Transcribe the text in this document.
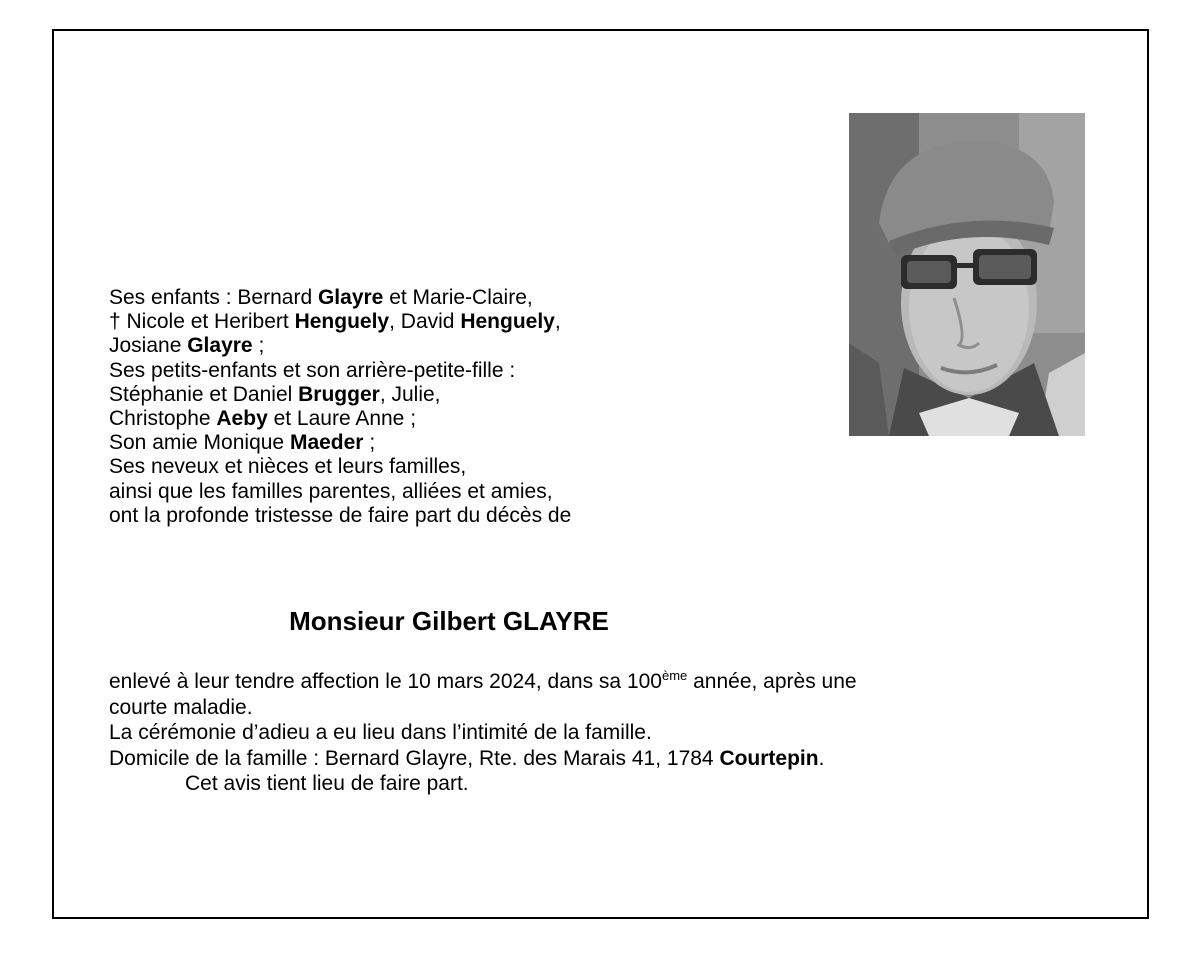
Ses enfants : Bernard Glayre et Marie-Claire,
† Nicole et Heribert Henguely, David Henguely,
Josiane Glayre ;
Ses petits-enfants et son arrière-petite-fille :
Stéphanie et Daniel Brugger, Julie,
Christophe Aeby et Laure Anne ;
Son amie Monique Maeder ;
Ses neveux et nièces et leurs familles,
ainsi que les familles parentes, alliées et amies,
ont la profonde tristesse de faire part du décès de
Monsieur Gilbert GLAYRE
enlevé à leur tendre affection le 10 mars 2024, dans sa 100ème année, après une
courte maladie.
La cérémonie d’adieu a eu lieu dans l’intimité de la famille.
Domicile de la famille : Bernard Glayre, Rte. des Marais 41, 1784 Courtepin.
Cet avis tient lieu de faire part.
